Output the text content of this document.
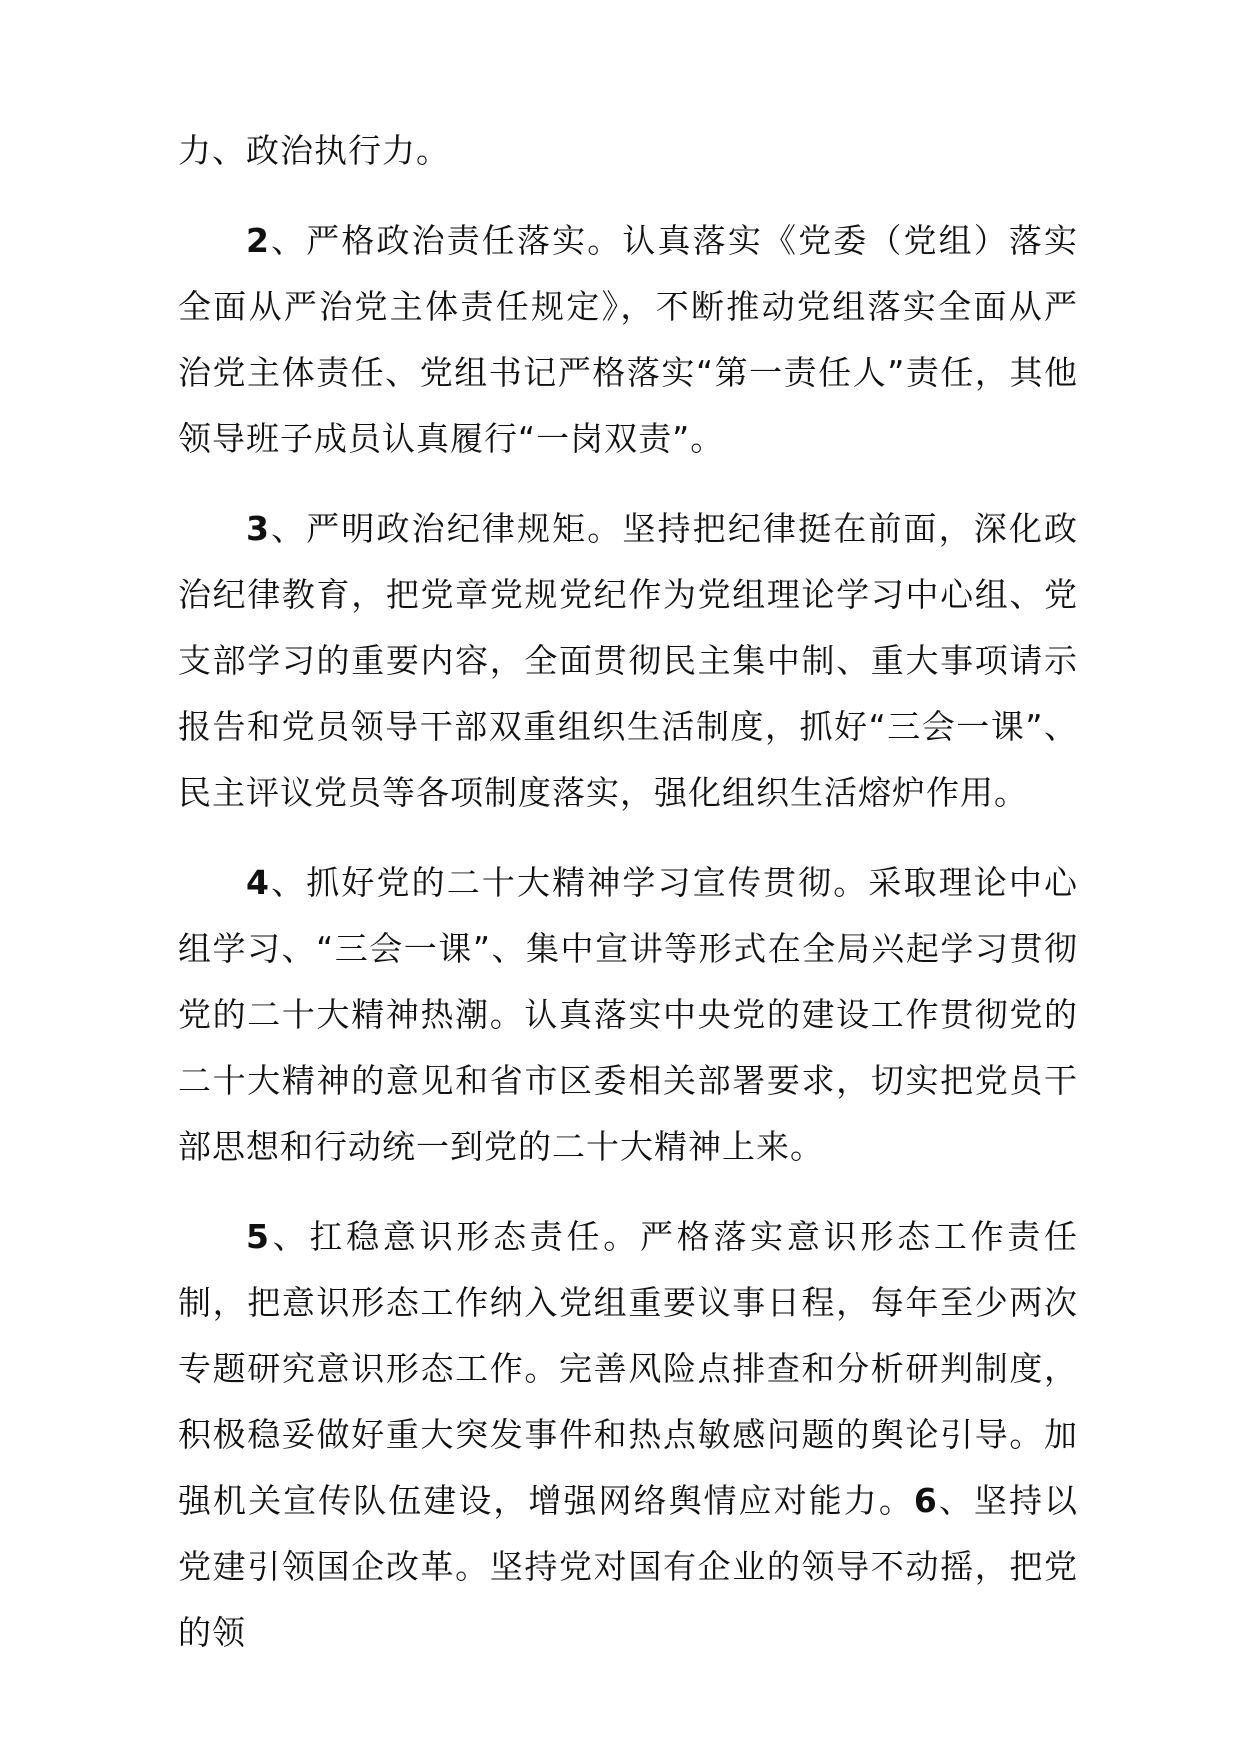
力、政治执行力。

2、严格政治责任落实。认真落实《党委（党组）落实全面从严治党主体责任规定》，不断推动党组落实全面从严治党主体责任、党组书记严格落实“第一责任人”责任，其他领导班子成员认真履行“一岗双责”。

3、严明政治纪律规矩。坚持把纪律挺在前面，深化政治纪律教育，把党章党规党纪作为党组理论学习中心组、党支部学习的重要内容，全面贯彻民主集中制、重大事项请示报告和党员领导干部双重组织生活制度，抓好“三会一课”、民主评议党员等各项制度落实，强化组织生活熔炉作用。

4、抓好党的二十大精神学习宣传贯彻。采取理论中心组学习、“三会一课”、集中宣讲等形式在全局兴起学习贯彻党的二十大精神热潮。认真落实中央党的建设工作贯彻党的二十大精神的意见和省市区委相关部署要求，切实把党员干部思想和行动统一到党的二十大精神上来。

5、扛稳意识形态责任。严格落实意识形态工作责任制，把意识形态工作纳入党组重要议事日程，每年至少两次专题研究意识形态工作。完善风险点排查和分析研判制度，积极稳妥做好重大突发事件和热点敏感问题的舆论引导。加强机关宣传队伍建设，增强网络舆情应对能力。6、坚持以党建引领国企改革。坚持党对国有企业的领导不动摇，把党的领
